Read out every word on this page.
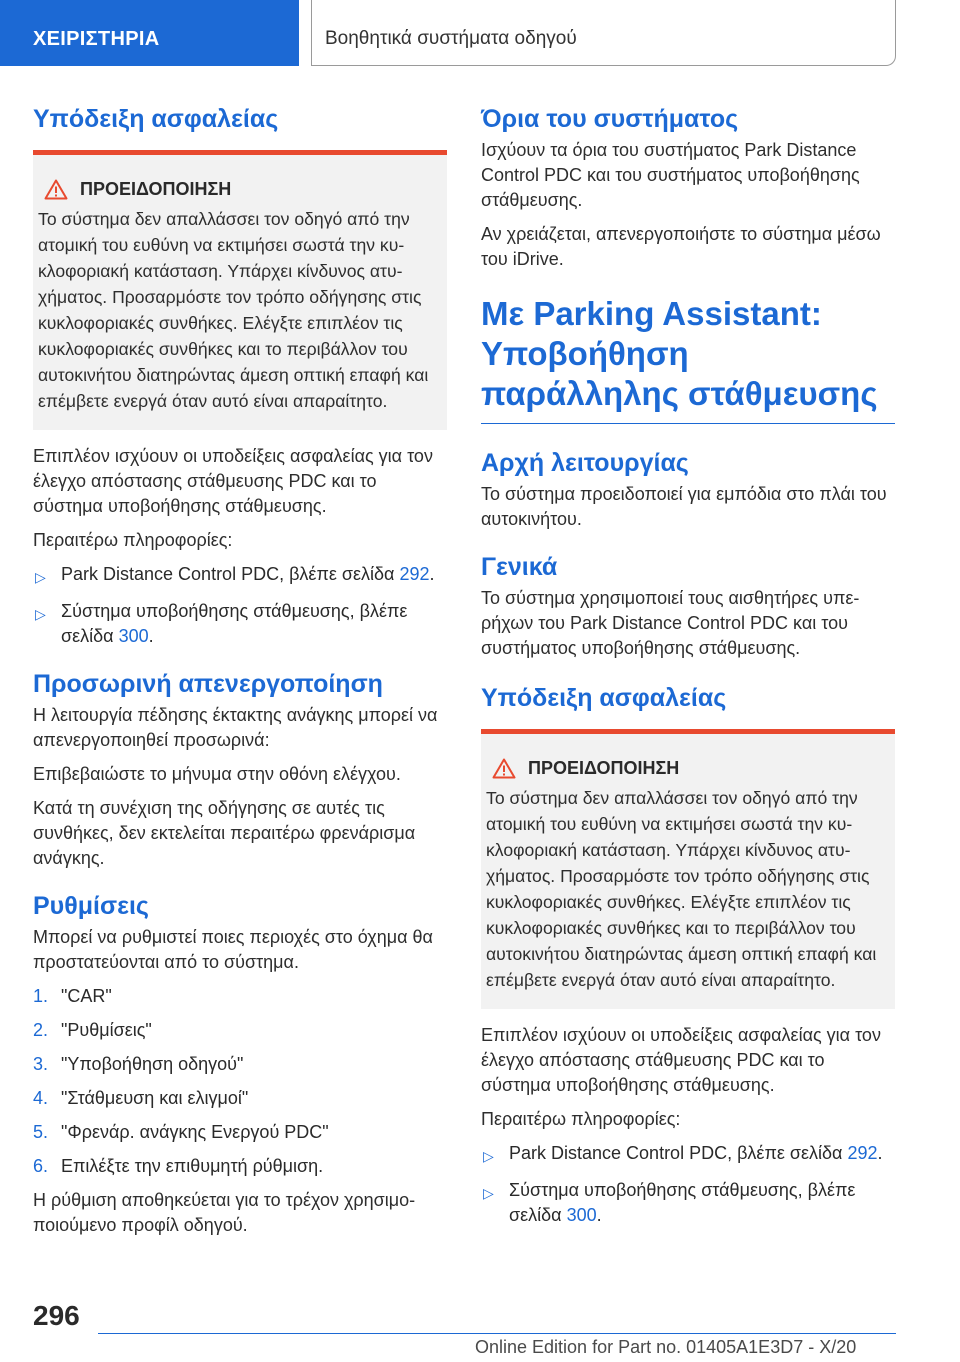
ΧΕΙΡΙΣΤΗΡΙΑ	Βοηθητικά συστήματα οδηγού
Υπόδειξη ασφαλείας
ΠΡΟΕΙΔΟΠΟΙΗΣΗ

Το σύστημα δεν απαλλάσσει τον οδηγό από την ατομική του ευθύνη να εκτιμήσει σωστά την κυκλοφοριακή κατάσταση. Υπάρχει κίνδυνος ατυχήματος. Προσαρμόστε τον τρόπο οδήγησης στις κυκλοφοριακές συνθήκες. Ελέγξτε επιπλέον τις κυκλοφοριακές συνθήκες και το περιβάλλον του αυτοκινήτου διατηρώντας άμεση οπτική επαφή και επέμβετε ενεργά όταν αυτό είναι απαραίτητο.

Επιπλέον ισχύουν οι υποδείξεις ασφαλείας για τον έλεγχο απόστασης στάθμευσης PDC και το σύστημα υποβοήθησης στάθμευσης.

Περαιτέρω πληροφορίες:

▷ Park Distance Control PDC, βλέπε σελίδα 292.
▷ Σύστημα υποβοήθησης στάθμευσης, βλέπε σελίδα 300.
Προσωρινή απενεργοποίηση

Η λειτουργία πέδησης έκτακτης ανάγκης μπορεί να απενεργοποιηθεί προσωρινά:

Επιβεβαιώστε το μήνυμα στην οθόνη ελέγχου.

Κατά τη συνέχιση της οδήγησης σε αυτές τις συνθήκες, δεν εκτελείται περαιτέρω φρενάρισμα ανάγκης.

Ρυθμίσεις

Μπορεί να ρυθμιστεί ποιες περιοχές στο όχημα θα προστατεύονται από το σύστημα.

1. "CAR"
2. "Ρυθμίσεις"
3. "Υποβοήθηση οδηγού"
4. "Στάθμευση και ελιγμοί"
5. "Φρενάρ. ανάγκης Ενεργού PDC"
6. Επιλέξτε την επιθυμητή ρύθμιση.

Η ρύθμιση αποθηκεύεται για το τρέχον χρησιμοποιούμενο προφίλ οδηγού.

Όρια του συστήματος

Ισχύουν τα όρια του συστήματος Park Distance Control PDC και του συστήματος υποβοήθησης στάθμευσης.

Αν χρειάζεται, απενεργοποιήστε το σύστημα μέσω του iDrive.

Με Parking Assistant: Υποβοήθηση παράλληλης στάθμευσης
Αρχή λειτουργίας

Το σύστημα προειδοποιεί για εμπόδια στο πλάι του αυτοκινήτου.

Γενικά

Το σύστημα χρησιμοποιεί τους αισθητήρες υπερήχων του Park Distance Control PDC και του συστήματος υποβοήθησης στάθμευσης.

Υπόδειξη ασφαλείας
ΠΡΟΕΙΔΟΠΟΙΗΣΗ

Το σύστημα δεν απαλλάσσει τον οδηγό από την ατομική του ευθύνη να εκτιμήσει σωστά την κυκλοφοριακή κατάσταση. Υπάρχει κίνδυνος ατυχήματος. Προσαρμόστε τον τρόπο οδήγησης στις κυκλοφοριακές συνθήκες. Ελέγξτε επιπλέον τις κυκλοφοριακές συνθήκες και το περιβάλλον του αυτοκινήτου διατηρώντας άμεση οπτική επαφή και επέμβετε ενεργά όταν αυτό είναι απαραίτητο.

Επιπλέον ισχύουν οι υποδείξεις ασφαλείας για τον έλεγχο απόστασης στάθμευσης PDC και το σύστημα υποβοήθησης στάθμευσης.

Περαιτέρω πληροφορίες:

▷ Park Distance Control PDC, βλέπε σελίδα 292.
▷ Σύστημα υποβοήθησης στάθμευσης, βλέπε σελίδα 300.
296
Online Edition for Part no. 01405A1E3D7 - X/20
